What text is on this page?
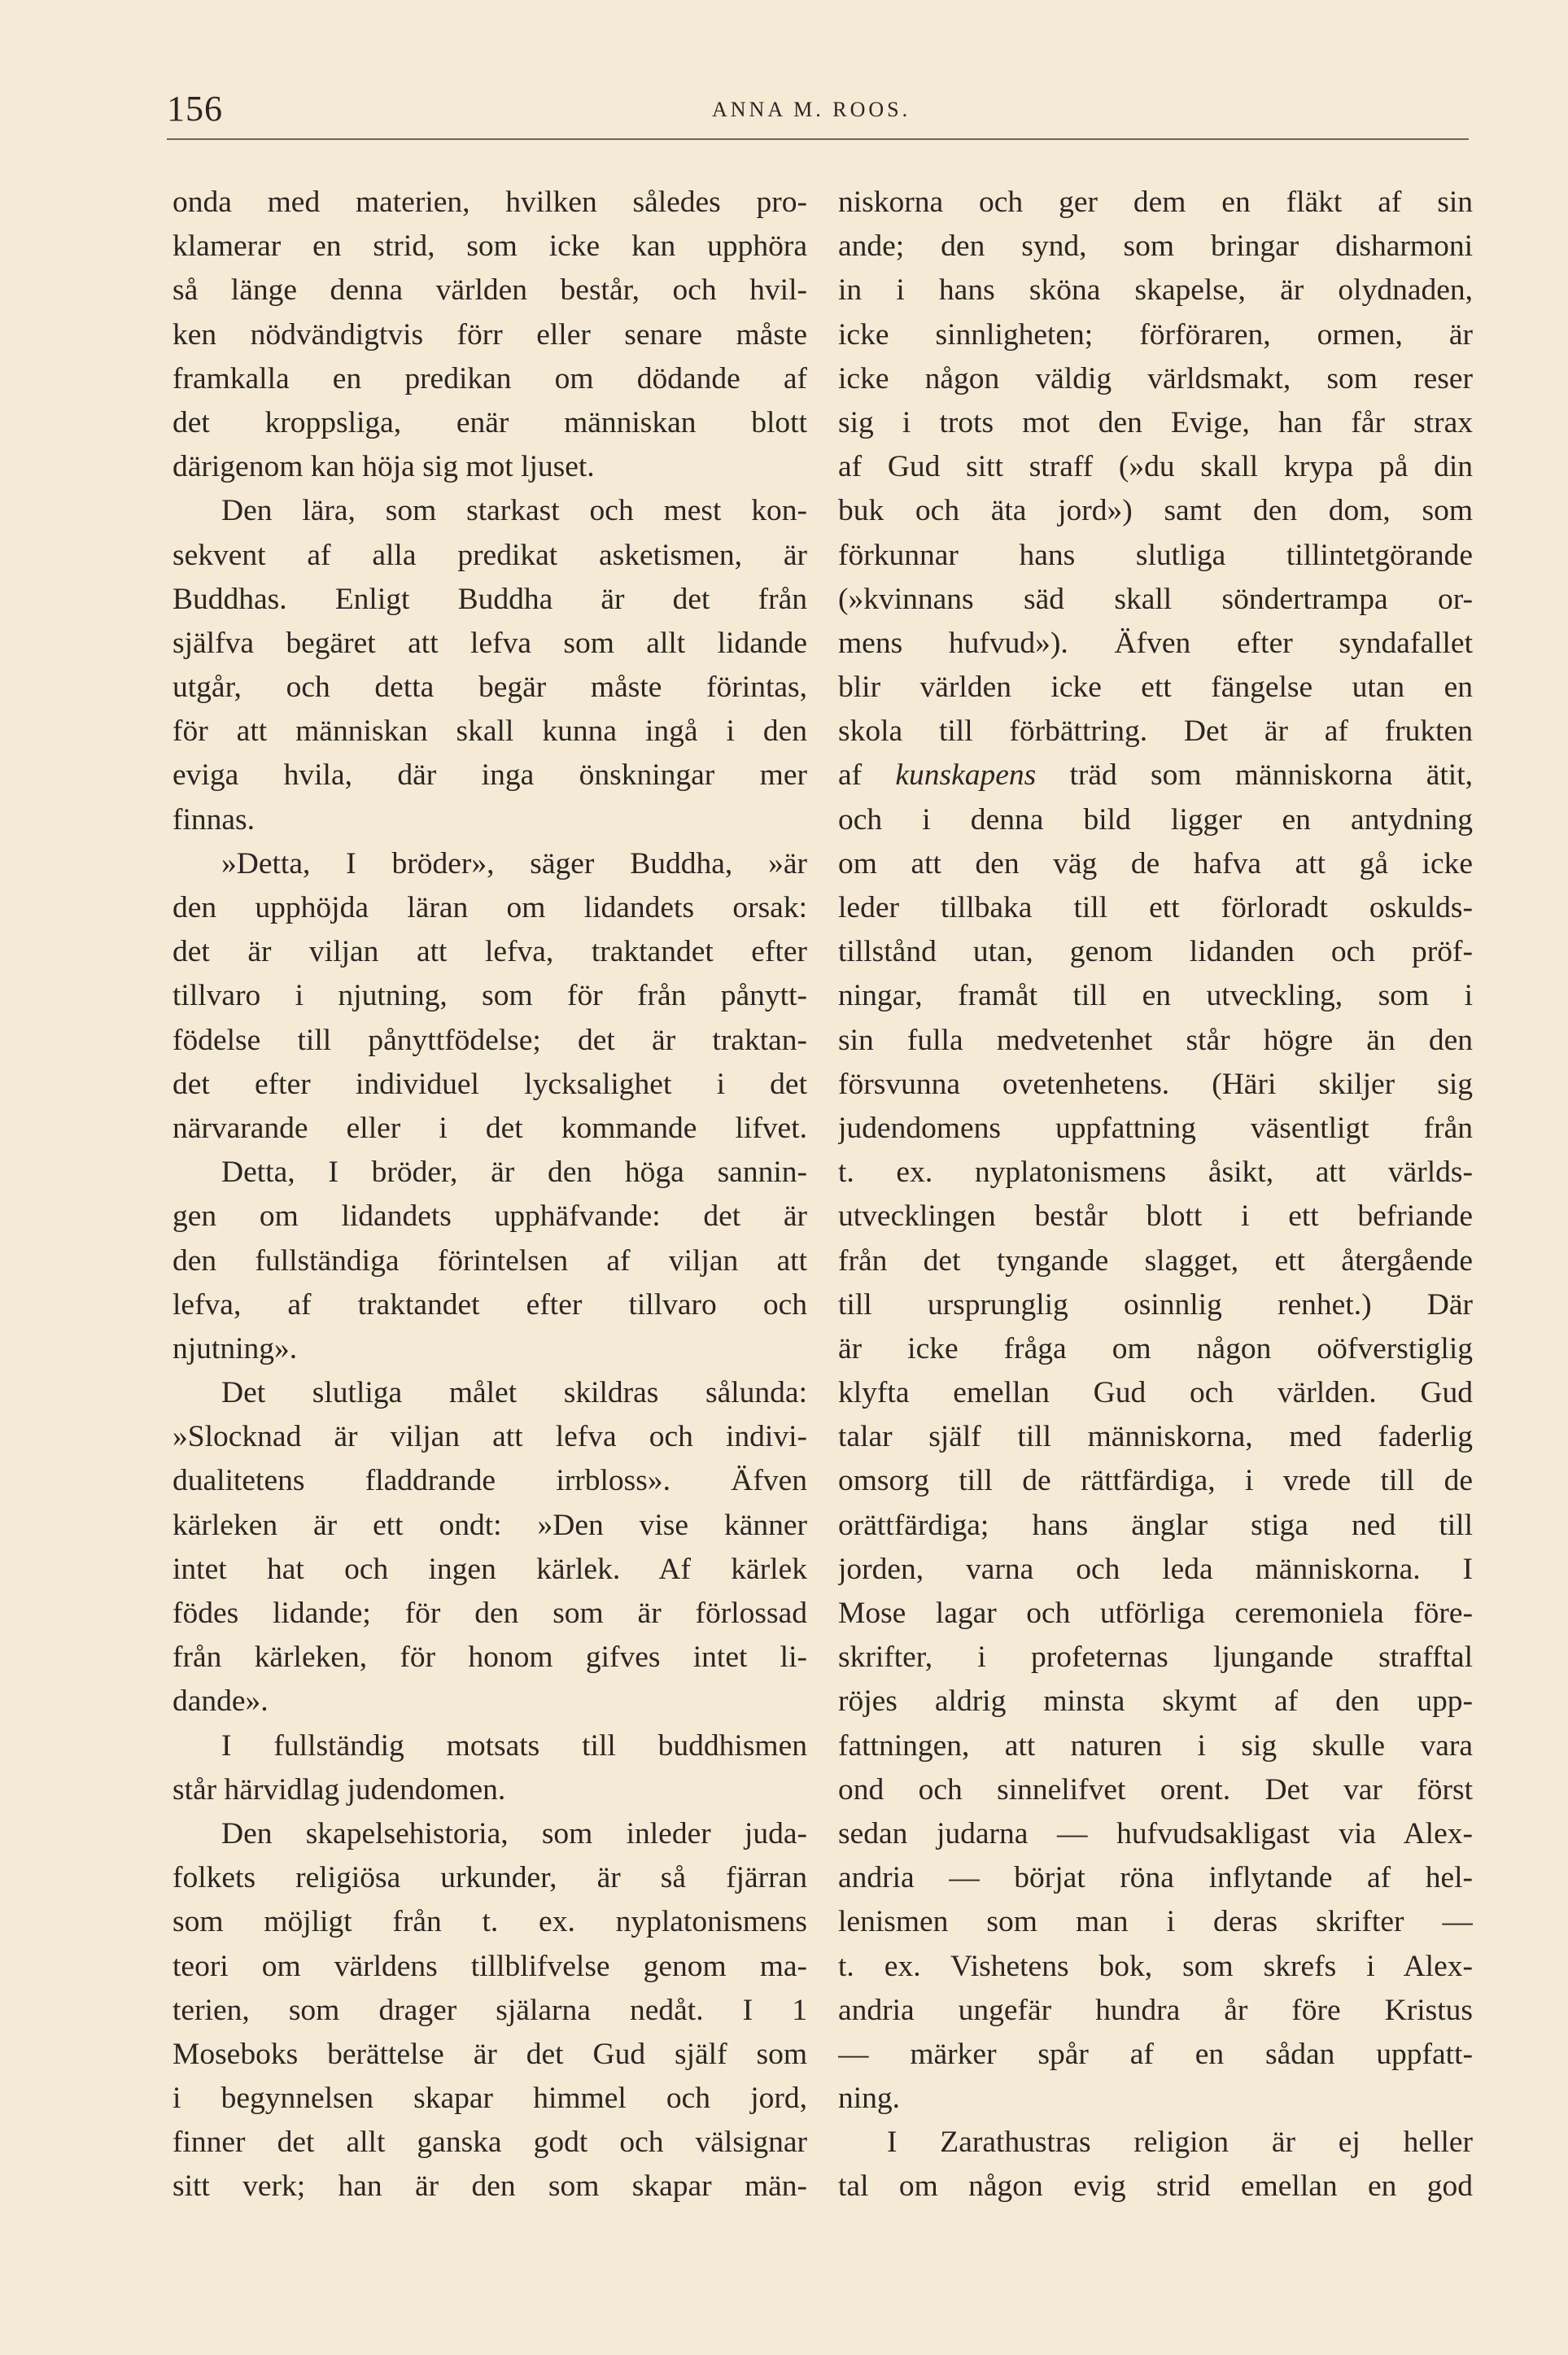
156	ANNA M. ROOS.
onda med materien, hvilken således pro-
klamerar en strid, som icke kan upphöra
så länge denna världen består, och hvil-
ken nödvändigtvis förr eller senare måste
framkalla en predikan om dödande af
det kroppsliga, enär människan blott
därigenom kan höja sig mot ljuset.
Den lära, som starkast och mest kon-
sekvent af alla predikat asketismen, är
Buddhas. Enligt Buddha är det från
själfva begäret att lefva som allt lidande
utgår, och detta begär måste förintas,
för att människan skall kunna ingå i den
eviga hvila, där inga önskningar mer
finnas.
»Detta, I bröder», säger Buddha, »är
den upphöjda läran om lidandets orsak:
det är viljan att lefva, traktandet efter
tillvaro i njutning, som för från pånytt-
födelse till pånyttfödelse; det är traktan-
det efter individuel lycksalighet i det
närvarande eller i det kommande lifvet.
Detta, I bröder, är den höga sannin-
gen om lidandets upphäfvande: det är
den fullständiga förintelsen af viljan att
lefva, af traktandet efter tillvaro och
njutning».
Det slutliga målet skildras sålunda:
»Slocknad är viljan att lefva och indivi-
dualitetens fladdrande irrbloss». Äfven
kärleken är ett ondt: »Den vise känner
intet hat och ingen kärlek. Af kärlek
födes lidande; för den som är förlossad
från kärleken, för honom gifves intet li-
dande».
I fullständig motsats till buddhismen
står härvidlag judendomen.
Den skapelsehistoria, som inleder juda-
folkets religiösa urkunder, är så fjärran
som möjligt från t. ex. nyplatonismens
teori om världens tillblifvelse genom ma-
terien, som drager själarna nedåt. I 1
Moseboks berättelse är det Gud själf som
i begynnelsen skapar himmel och jord,
finner det allt ganska godt och välsignar
sitt verk; han är den som skapar män-
niskorna och ger dem en fläkt af sin
ande; den synd, som bringar disharmoni
in i hans sköna skapelse, är olydnaden,
icke sinnligheten; förföraren, ormen, är
icke någon väldig världsmakt, som reser
sig i trots mot den Evige, han får strax
af Gud sitt straff (»du skall krypa på din
buk och äta jord») samt den dom, som
förkunnar hans slutliga tillintetgörande
(»kvinnans säd skall söndertrampa or-
mens hufvud»). Äfven efter syndafallet
blir världen icke ett fängelse utan en
skola till förbättring. Det är af frukten
af kunskapens träd som människorna ätit,
och i denna bild ligger en antydning
om att den väg de hafva att gå icke
leder tillbaka till ett förloradt oskulds-
tillstånd utan, genom lidanden och pröf-
ningar, framåt till en utveckling, som i
sin fulla medvetenhet står högre än den
försvunna ovetenhetens. (Häri skiljer sig
judendomens uppfattning väsentligt från
t. ex. nyplatonismens åsikt, att världs-
utvecklingen består blott i ett befriande
från det tyngande slagget, ett återgående
till ursprunglig osinnlig renhet.) Där
är icke fråga om någon oöfverstiglig
klyfta emellan Gud och världen. Gud
talar själf till människorna, med faderlig
omsorg till de rättfärdiga, i vrede till de
orättfärdiga; hans änglar stiga ned till
jorden, varna och leda människorna. I
Mose lagar och utförliga ceremoniela före-
skrifter, i profeternas ljungande strafftal
röjes aldrig minsta skymt af den upp-
fattningen, att naturen i sig skulle vara
ond och sinnelifvet orent. Det var först
sedan judarna — hufvudsakligast via Alex-
andria — börjat röna inflytande af hel-
lenismen som man i deras skrifter —
t. ex. Vishetens bok, som skrefs i Alex-
andria ungefär hundra år före Kristus
— märker spår af en sådan uppfatt-
ning.
I Zarathustras religion är ej heller
tal om någon evig strid emellan en god
